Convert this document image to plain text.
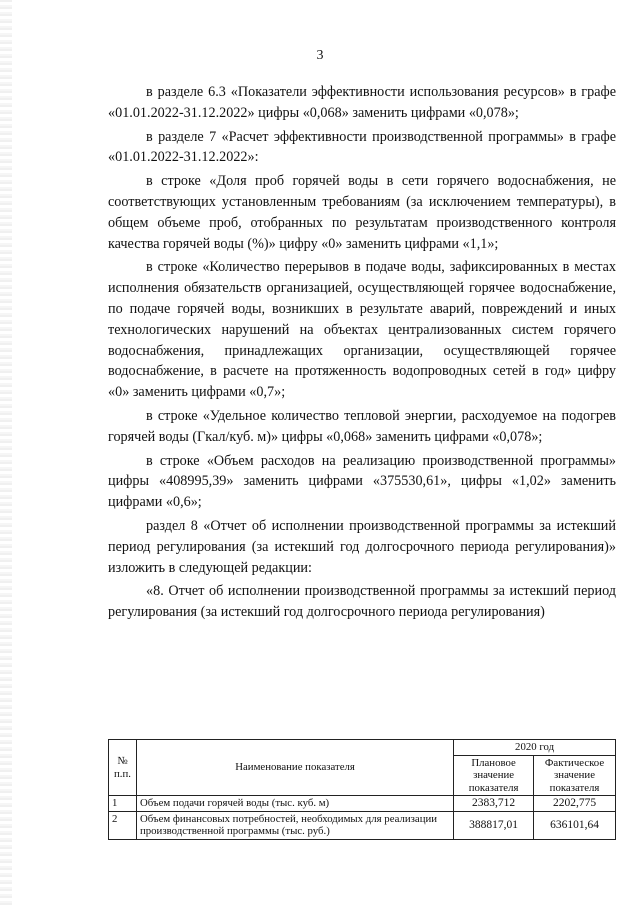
3

в разделе 6.3 «Показатели эффективности использования ресурсов» в графе «01.01.2022-31.12.2022» цифры «0,068» заменить цифрами «0,078»;

в разделе 7 «Расчет эффективности производственной программы» в графе «01.01.2022-31.12.2022»:

в строке «Доля проб горячей воды в сети горячего водоснабжения, не соответствующих установленным требованиям (за исключением температуры), в общем объеме проб, отобранных по результатам производственного контроля качества горячей воды (%)» цифру «0» заменить цифрами «1,1»;

в строке «Количество перерывов в подаче воды, зафиксированных в местах исполнения обязательств организацией, осуществляющей горячее водоснабжение, по подаче горячей воды, возникших в результате аварий, повреждений и иных технологических нарушений на объектах централизованных систем горячего водоснабжения, принадлежащих организации, осуществляющей горячее водоснабжение, в расчете на протяженность водопроводных сетей в год» цифру «0» заменить цифрами «0,7»;

в строке «Удельное количество тепловой энергии, расходуемое на подогрев горячей воды (Гкал/куб. м)» цифры «0,068» заменить цифрами «0,078»;

в строке «Объем расходов на реализацию производственной программы» цифры «408995,39» заменить цифрами «375530,61», цифры «1,02» заменить цифрами «0,6»;

раздел 8 «Отчет об исполнении производственной программы за истекший период регулирования (за истекший год долгосрочного периода регулирования)» изложить в следующей редакции:

«8. Отчет об исполнении производственной программы за истекший период регулирования (за истекший год долгосрочного периода регулирования)

№ п.п.	Наименование показателя	2020 год	
		Плановое значение показателя	Фактическое значение показателя
1	Объем подачи горячей воды (тыс. куб. м)	2383,712	2202,775
2	Объем финансовых потребностей, необходимых для реализации производственной программы (тыс. руб.)	388817,01	636101,64
